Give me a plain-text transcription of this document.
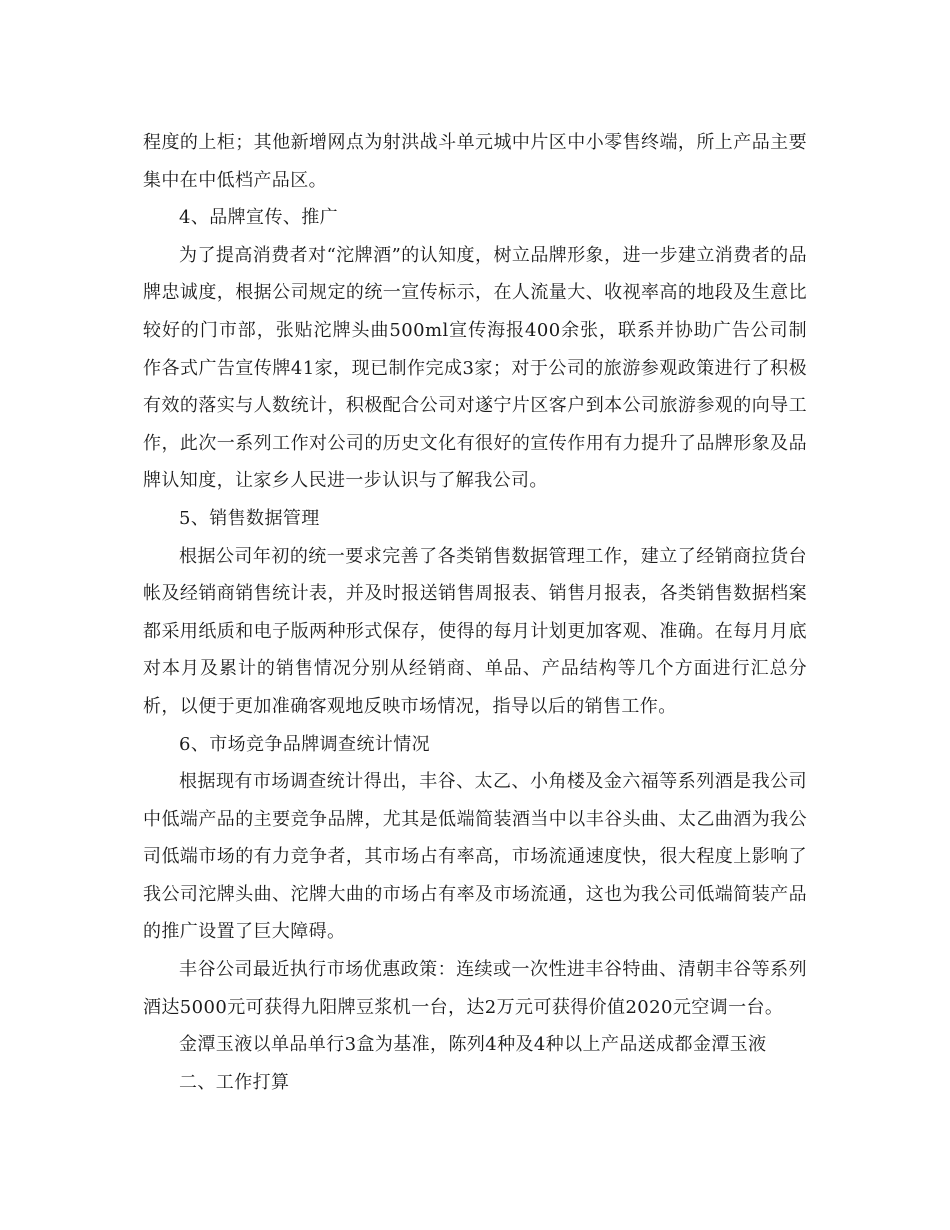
程度的上柜；其他新增网点为射洪战斗单元城中片区中小零售终端，所上产品主要集中在中低档产品区。

4、品牌宣传、推广

为了提高消费者对“沱牌酒”的认知度，树立品牌形象，进一步建立消费者的品牌忠诚度，根据公司规定的统一宣传标示，在人流量大、收视率高的地段及生意比较好的门市部，张贴沱牌头曲500ml宣传海报400余张，联系并协助广告公司制作各式广告宣传牌41家，现已制作完成3家；对于公司的旅游参观政策进行了积极有效的落实与人数统计，积极配合公司对遂宁片区客户到本公司旅游参观的向导工作，此次一系列工作对公司的历史文化有很好的宣传作用有力提升了品牌形象及品牌认知度，让家乡人民进一步认识与了解我公司。

5、销售数据管理

根据公司年初的统一要求完善了各类销售数据管理工作，建立了经销商拉货台帐及经销商销售统计表，并及时报送销售周报表、销售月报表，各类销售数据档案都采用纸质和电子版两种形式保存，使得的每月计划更加客观、准确。在每月月底对本月及累计的销售情况分别从经销商、单品、产品结构等几个方面进行汇总分析，以便于更加准确客观地反映市场情况，指导以后的销售工作。

6、市场竞争品牌调查统计情况

根据现有市场调查统计得出，丰谷、太乙、小角楼及金六福等系列酒是我公司中低端产品的主要竞争品牌，尤其是低端简装酒当中以丰谷头曲、太乙曲酒为我公司低端市场的有力竞争者，其市场占有率高，市场流通速度快，很大程度上影响了我公司沱牌头曲、沱牌大曲的市场占有率及市场流通，这也为我公司低端简装产品的推广设置了巨大障碍。

丰谷公司最近执行市场优惠政策：连续或一次性进丰谷特曲、清朝丰谷等系列酒达5000元可获得九阳牌豆浆机一台，达2万元可获得价值2020元空调一台。

金潭玉液以单品单行3盒为基准，陈列4种及4种以上产品送成都金潭玉液

二、工作打算
